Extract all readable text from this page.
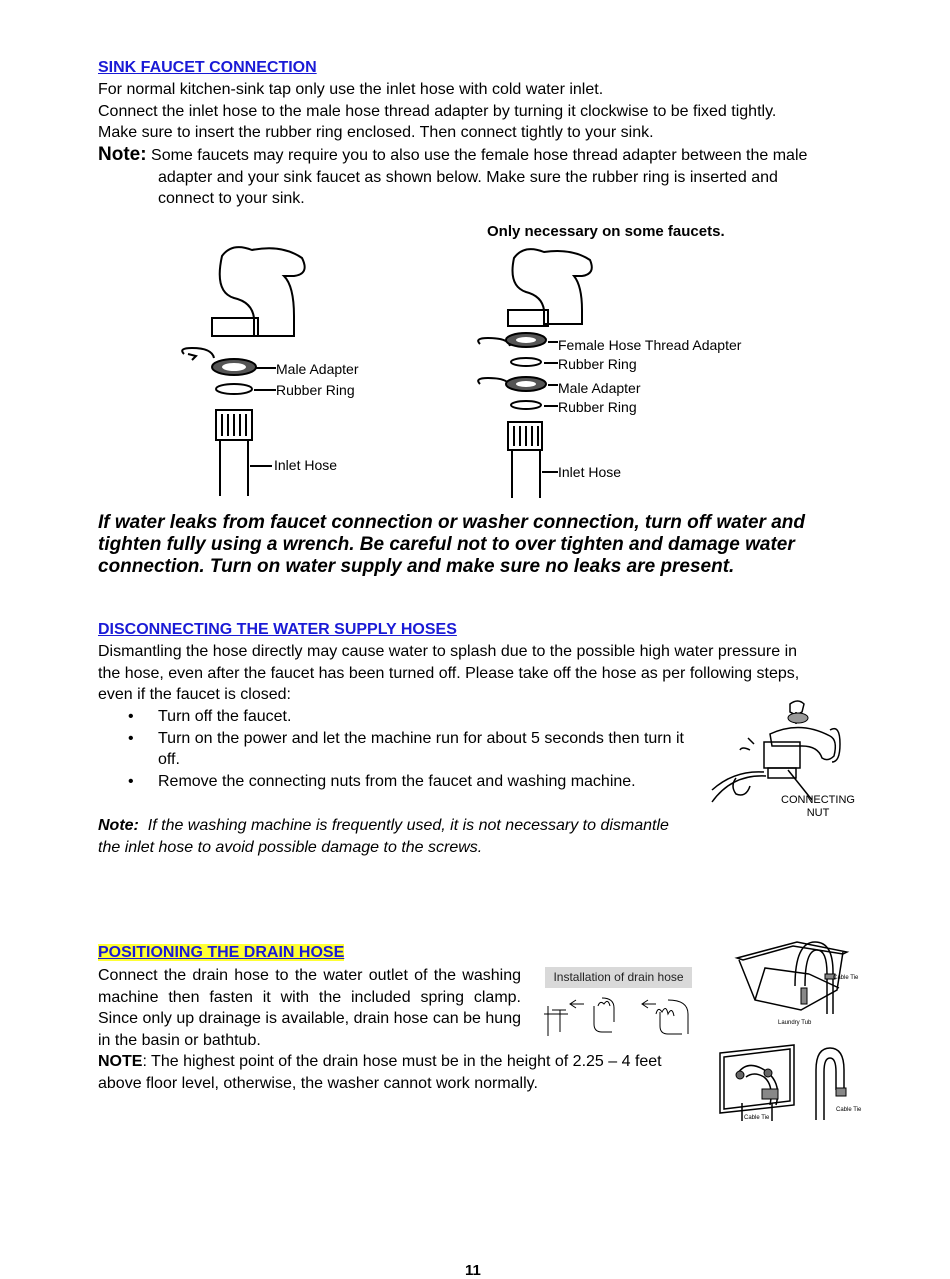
SINK FAUCET CONNECTION
For normal kitchen-sink tap only use the inlet hose with cold water inlet.
Connect the inlet hose to the male hose thread adapter by turning it clockwise to be fixed tightly.
Make sure to insert the rubber ring enclosed. Then connect tightly to your sink.
Note: Some faucets may require you to also use the female hose thread adapter between the male
adapter and your sink faucet as shown below. Make sure the rubber ring is inserted and
connect to your sink.
Male Adapter
Rubber Ring
Inlet Hose
Only necessary on some faucets.
Female Hose Thread Adapter
Rubber Ring
Male Adapter
Rubber Ring
Inlet Hose
If water leaks from faucet connection or washer connection, turn off water and
tighten fully using a wrench. Be careful not to over tighten and damage water
connection. Turn on water supply and make sure no leaks are present.
DISCONNECTING THE WATER SUPPLY HOSES
Dismantling the hose directly may cause water to splash due to the possible high water pressure in
the hose, even after the faucet has been turned off. Please take off the hose as per following steps,
even if the faucet is closed:
• Turn off the faucet.
• Turn on the power and let the machine run for about 5 seconds then turn it off.
• Remove the connecting nuts from the faucet and washing machine.
Note: If the washing machine is frequently used, it is not necessary to dismantle
the inlet hose to avoid possible damage to the screws.
CONNECTING
NUT
POSITIONING THE DRAIN HOSE
Connect the drain hose to the water outlet of the washing machine then fasten it with the included spring clamp. Since only up drainage is available, drain hose can be hung in the basin or bathtub.
NOTE: The highest point of the drain hose must be in the height of 2.25 – 4 feet
above floor level, otherwise, the washer cannot work normally.
Installation of drain hose	Cable Tie
Laundry Tub
Cable Tie
Cable Tie
11
